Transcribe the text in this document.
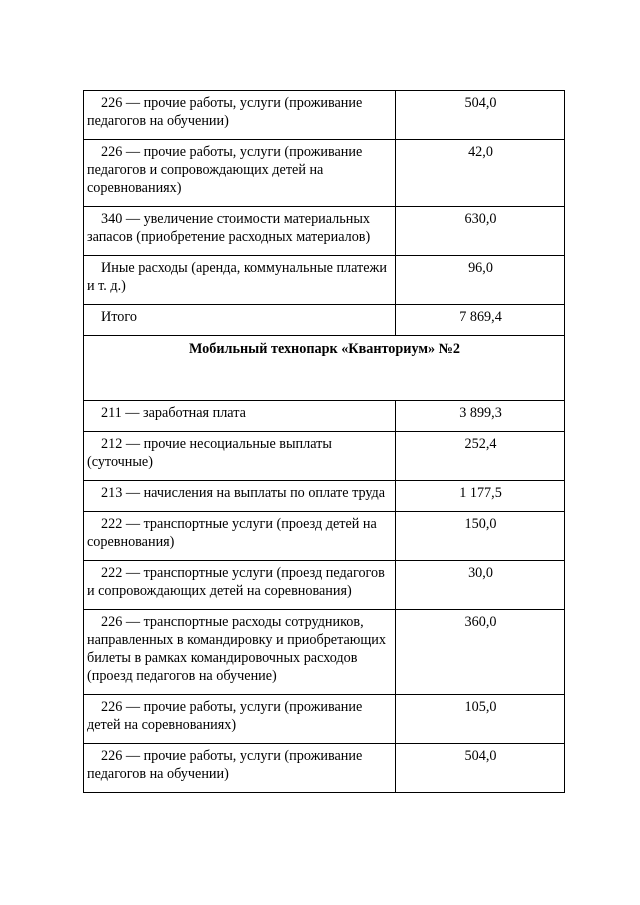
226 — прочие работы, услуги (проживание педагогов на обучении)	504,0
226 — прочие работы, услуги (проживание педагогов и сопровождающих детей на соревнованиях)	42,0
340 — увеличение стоимости материальных запасов (приобретение расходных материалов)	630,0
Иные расходы (аренда, коммунальные платежи и т. д.)	96,0
Итого	7 869,4
Мобильный технопарк «Кванториум» №2	
211 — заработная плата	3 899,3
212 — прочие несоциальные выплаты (суточные)	252,4
213 — начисления на выплаты по оплате труда	1 177,5
222 — транспортные услуги (проезд детей на соревнования)	150,0
222 — транспортные услуги (проезд педагогов и сопровождающих детей на соревнования)	30,0
226 — транспортные расходы сотрудников, направленных в командировку и приобретающих билеты в рамках командировочных расходов (проезд педагогов на обучение)	360,0
226 — прочие работы, услуги (проживание детей на соревнованиях)	105,0
226 — прочие работы, услуги (проживание педагогов на обучении)	504,0
